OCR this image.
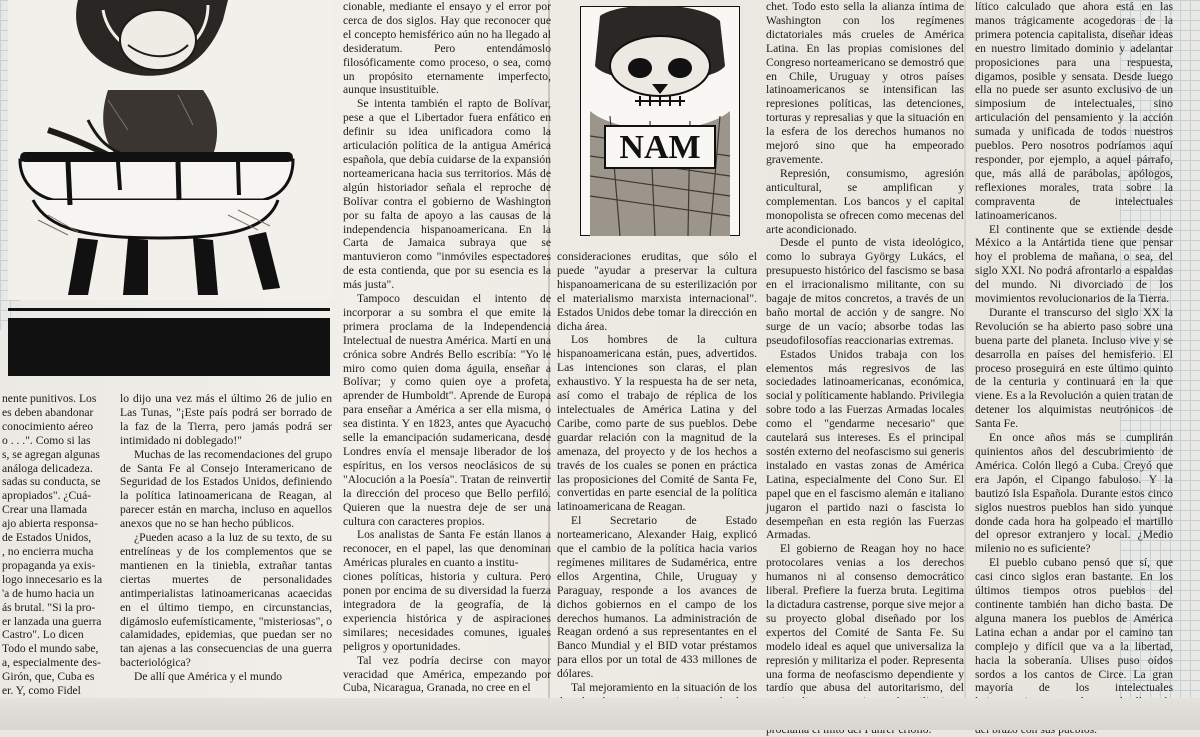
NAM
nente punitivos. Los
es deben abandonar
conocimiento aéreo
o . . .". Como si las
s, se agregan algunas
análoga delicadeza.
sadas su conducta, se
apropiados". ¿Cuá-
Crear una llamada
ajo abierta responsa-
de Estados Unidos,
, no encierra mucha
propaganda ya exis-
logo innecesario es la
'a de humo hacia un
ás brutal. "Si la pro-
er lanzada una guerra
Castro". Lo dicen
Todo el mundo sabe,
a, especialmente des-
Girón, que, Cuba es
er. Y, como Fidel

lo dijo una vez más el último 26 de julio en Las Tunas, "¡Este país podrá ser borrado de la faz de la Tierra, pero jamás podrá ser intimidado ni doblegado!"

Muchas de las recomendaciones del grupo de Santa Fe al Consejo Interamericano de Seguridad de los Estados Unidos, definiendo la política latinoamericana de Reagan, al parecer están en marcha, incluso en aquellos anexos que no se han hecho públicos.

¿Pueden acaso a la luz de su texto, de su entrelíneas y de los complementos que se mantienen en la tiniebla, extrañar tantas ciertas muertes de personalidades antimperialistas latinoamericanas acaecidas en el último tiempo, en circunstancias, digámoslo eufemísticamente, "misteriosas", o calamidades, epidemias, que puedan ser no tan ajenas a las consecuencias de una guerra bacteriológica?

De allí que América y el mundo

cionable, mediante el ensayo y el error por cerca de dos siglos. Hay que reconocer que el concepto hemisférico aún no ha llegado al desideratum. Pero entendámoslo filosóficamente como proceso, o sea, como un propósito eternamente imperfecto, aunque insustituible.

Se intenta también el rapto de Bolívar, pese a que el Libertador fuera enfático en definir su idea unificadora como la articulación política de la antigua América española, que debía cuidarse de la expansión norteamericana hacia sus territorios. Más de algún historiador señala el reproche de Bolívar contra el gobierno de Washington por su falta de apoyo a las causas de la independencia hispanoamericana. En la Carta de Jamaica subraya que se mantuvieron como "inmóviles espectadores de esta contienda, que por su esencia es la más justa".

Tampoco descuidan el intento de incorporar a su sombra el que emite la primera proclama de la Independencia Intelectual de nuestra América. Martí en una crónica sobre Andrés Bello escribía: "Yo le miro como quien doma águila, enseñar a Bolívar; y como quien oye a profeta, aprender de Humboldt". Aprende de Europa para enseñar a América a ser ella misma, o sea distinta. Y en 1823, antes que Ayacucho selle la emancipación sudamericana, desde Londres envía el mensaje liberador de los espíritus, en los versos neoclásicos de su "Alocución a la Poesía". Tratan de reinvertir la dirección del proceso que Bello perfiló. Quieren que la nuestra deje de ser una cultura con caracteres propios.

Los analistas de Santa Fe están llanos a reconocer, en el papel, las que denominan Américas plurales en cuanto a institu-

ciones políticas, historia y cultura. Pero ponen por encima de su diversidad la fuerza integradora de la geografía, de la experiencia histórica y de aspiraciones similares; necesidades comunes, iguales peligros y oportunidades.

Tal vez podría decirse con mayor veracidad que América, empezando por Cuba, Nicaragua, Granada, no cree en el

consideraciones eruditas, que sólo el puede "ayudar a preservar la cultura hispanoamericana de su esterilización por el materialismo marxista internacional". Estados Unidos debe tomar la dirección en dicha área.

Los hombres de la cultura hispanoamericana están, pues, advertidos. Las intenciones son claras, el plan exhaustivo. Y la respuesta ha de ser neta, así como el trabajo de réplica de los intelectuales de América Latina y del Caribe, como parte de sus pueblos. Debe guardar relación con la magnitud de la amenaza, del proyecto y de los hechos a través de los cuales se ponen en práctica las proposiciones del Comité de Santa Fe, convertidas en parte esencial de la política latinoamericana de Reagan.

El Secretario de Estado norteamericano, Alexander Haig, explicó que el cambio de la política hacia varios regímenes militares de Sudamérica, entre ellos Argentina, Chile, Uruguay y Paraguay, responde a los avances de dichos gobiernos en el campo de los derechos humanos. La administración de Reagan ordenó a sus representantes en el Banco Mundial y el BID votar préstamos para ellos por un total de 433 millones de dólares.

Tal mejoramiento en la situación de los

chet. Todo esto sella la alianza íntima de Washington con los regímenes dictatoriales más crueles de América Latina. En las propias comisiones del Congreso norteamericano se demostró que en Chile, Uruguay y otros países latinoamericanos se intensifican las represiones políticas, las detenciones, torturas y represalias y que la situación en la esfera de los derechos humanos no mejoró sino que ha empeorado gravemente.

Represión, consumismo, agresión anticultural, se amplifican y complementan. Los bancos y el capital monopolista se ofrecen como mecenas del arte acondicionado.

Desde el punto de vista ideológico, como lo subraya György Lukács, el presupuesto histórico del fascismo se basa en el irracionalismo militante, con su bagaje de mitos concretos, a través de un baño mortal de acción y de sangre. No surge de un vacío; absorbe todas las pseudofilosofías reaccionarias extremas.

Estados Unidos trabaja con los elementos más regresivos de las sociedades latinoamericanas, económica, social y políticamente hablando. Privilegia sobre todo a las Fuerzas Armadas locales como el "gendarme necesario" que cautelará sus intereses. Es el principal sostén externo del neofascismo sui generis instalado en vastas zonas de América Latina, especialmente del Cono Sur. El papel que en el fascismo alemán e italiano jugaron el partido nazi o fascista lo desempeñan en esta región las Fuerzas Armadas.

El gobierno de Reagan hoy no hace protocolares venias a los derechos humanos ni al consenso democrático liberal. Prefiere la fuerza bruta. Legitima la dictadura castrense, porque sive mejor a su proyecto global diseñado por los expertos del Comité de Santa Fe. Su modelo ideal es aquel que universaliza la represión y militariza el poder. Representa una forma de neofascismo dependiente y tardío que abusa del autoritarismo, del

lítico calculado que ahora está en las manos trágicamente acogedoras de la primera potencia capitalista, diseñar ideas en nuestro limitado dominio y adelantar proposiciones para una respuesta, digamos, posible y sensata. Desde luego ella no puede ser asunto exclusivo de un simposium de intelectuales, sino articulación del pensamiento y la acción sumada y unificada de todos nuestros pueblos. Pero nosotros podríamos aquí responder, por ejemplo, a aquel párrafo, que, más allá de parábolas, apólogos, reflexiones morales, trata sobre la compraventa de intelectuales latinoamericanos.

El continente que se extiende desde México a la Antártida tiene que pensar hoy el problema de mañana, o sea, del siglo XXI. No podrá afrontarlo a espaldas del mundo. Ni divorciado de los movimientos revolucionarios de la Tierra.

Durante el transcurso del siglo XX la Revolución se ha abierto paso sobre una buena parte del planeta. Incluso vive y se desarrolla en países del hemisferio. El proceso proseguirá en este último quinto de la centuria y continuará en la que viene. Es a la Revolución a quien tratan de detener los alquimistas neutrónicos de Santa Fe.

En once años más se cumplirán quinientos años del descubrimiento de América. Colón llegó a Cuba. Creyó que era Japón, el Cipango fabuloso. Y la bautizó Isla Española. Durante estos cinco siglos nuestros pueblos han sido yunque donde cada hora ha golpeado el martillo del opresor extranjero y local. ¿Medio milenio no es suficiente?

El pueblo cubano pensó que sí, que casi cinco siglos eran bastante. En los últimos tiempos otros pueblos del continente también han dicho basta. De alguna manera los pueblos de América Latina echan a andar por el camino tan complejo y difícil que va a la libertad, hacia la soberanía. Ulises puso oídos sordos a los cantos de Circe. La gran mayoría de los intelectuales
